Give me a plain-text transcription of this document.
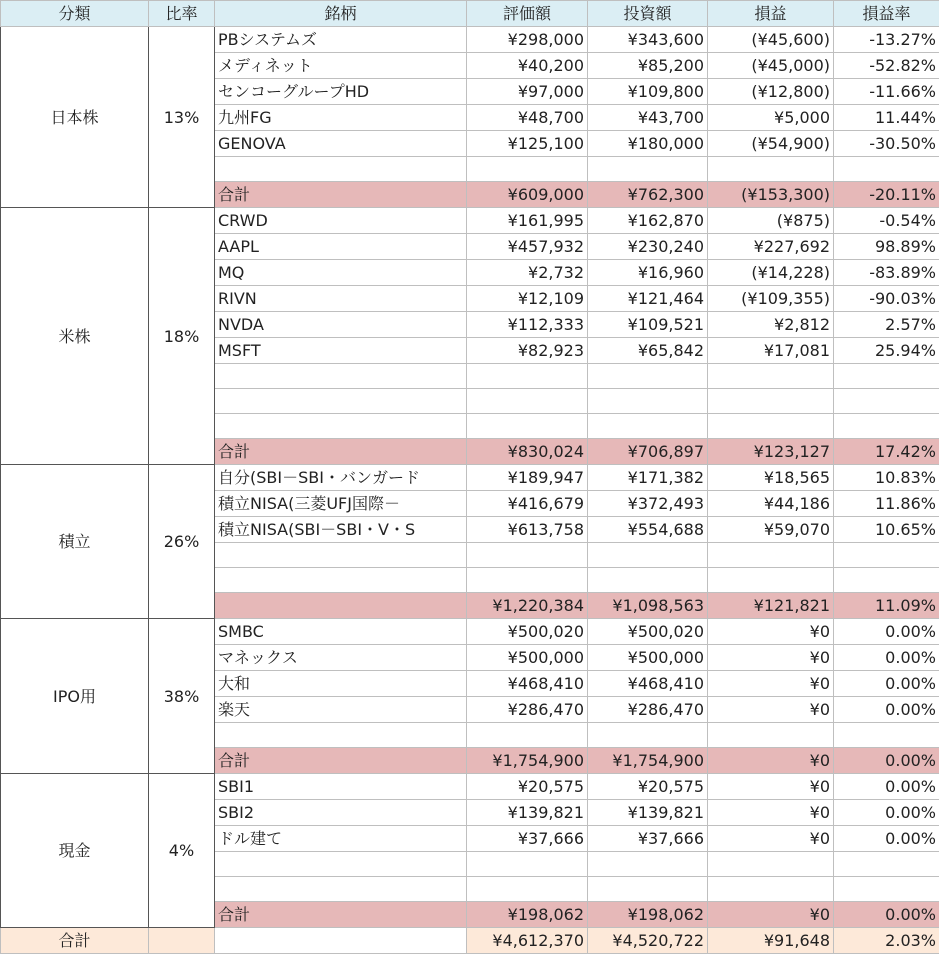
分類	比率	銘柄	評価額	投資額	損益	損益率
日本株	13%	PBシステムズ	¥298,000	¥343,600	(¥45,600)	-13.27%
		メディネット	¥40,200	¥85,200	(¥45,000)	-52.82%
		センコーグループHD	¥97,000	¥109,800	(¥12,800)	-11.66%
		九州FG	¥48,700	¥43,700	¥5,000	11.44%
		GENOVA	¥125,100	¥180,000	(¥54,900)	-30.50%

		合計	¥609,000	¥762,300	(¥153,300)	-20.11%
米株	18%	CRWD	¥161,995	¥162,870	(¥875)	-0.54%
		AAPL	¥457,932	¥230,240	¥227,692	98.89%
		MQ	¥2,732	¥16,960	(¥14,228)	-83.89%
		RIVN	¥12,109	¥121,464	(¥109,355)	-90.03%
		NVDA	¥112,333	¥109,521	¥2,812	2.57%
		MSFT	¥82,923	¥65,842	¥17,081	25.94%

		合計	¥830,024	¥706,897	¥123,127	17.42%
積立	26%	自分(SBI－SBI・バンガード	¥189,947	¥171,382	¥18,565	10.83%
		積立NISA(三菱UFJ国際－	¥416,679	¥372,493	¥44,186	11.86%
		積立NISA(SBI－SBI・V・S	¥613,758	¥554,688	¥59,070	10.65%

			¥1,220,384	¥1,098,563	¥121,821	11.09%
IPO用	38%	SMBC	¥500,020	¥500,020	¥0	0.00%
		マネックス	¥500,000	¥500,000	¥0	0.00%
		大和	¥468,410	¥468,410	¥0	0.00%
		楽天	¥286,470	¥286,470	¥0	0.00%

		合計	¥1,754,900	¥1,754,900	¥0	0.00%
現金	4%	SBI1	¥20,575	¥20,575	¥0	0.00%
		SBI2	¥139,821	¥139,821	¥0	0.00%
		ドル建て	¥37,666	¥37,666	¥0	0.00%

		合計	¥198,062	¥198,062	¥0	0.00%
合計			¥4,612,370	¥4,520,722	¥91,648	2.03%
